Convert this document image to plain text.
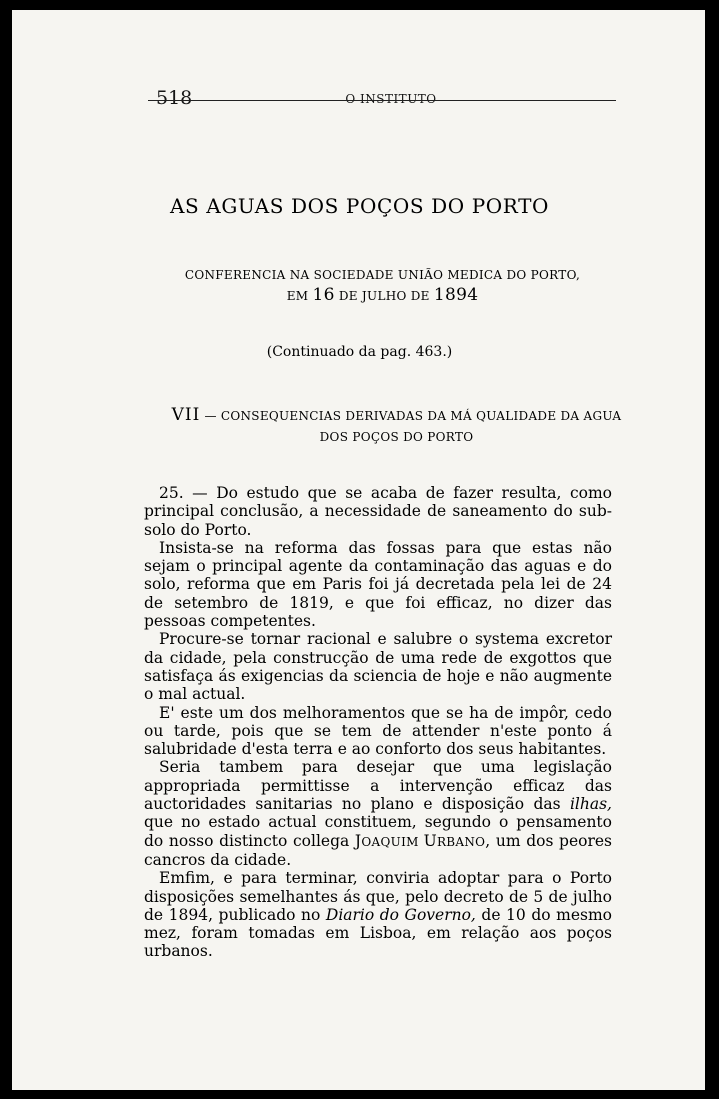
518	O INSTITUTO
AS AGUAS DOS POÇOS DO PORTO
CONFERENCIA NA SOCIEDADE UNIÃO MEDICA DO PORTO,
EM 16 DE JULHO DE 1894
(Continuado da pag. 463.)
VII — CONSEQUENCIAS DERIVADAS DA MÁ QUALIDADE DA AGUA
DOS POÇOS DO PORTO

25. — Do estudo que se acaba de fazer resulta, como principal conclusão, a necessidade de saneamento do sub-solo do Porto.

Insista-se na reforma das fossas para que estas não sejam o principal agente da contaminação das aguas e do solo, reforma que em Paris foi já decretada pela lei de 24 de setembro de 1819, e que foi efficaz, no dizer das pessoas competentes.

Procure-se tornar racional e salubre o systema excretor da cidade, pela construcção de uma rede de exgottos que satisfaça ás exigencias da sciencia de hoje e não augmente o mal actual.

E' este um dos melhoramentos que se ha de impôr, cedo ou tarde, pois que se tem de attender n'este ponto á salubridade d'esta terra e ao conforto dos seus habitantes.

Seria tambem para desejar que uma legislação appropriada permittisse a intervenção efficaz das auctoridades sanitarias no plano e disposição das ilhas, que no estado actual constituem, segundo o pensamento do nosso distincto collega JOAQUIM URBANO, um dos peores cancros da cidade.

Emfim, e para terminar, conviria adoptar para o Porto disposições semelhantes ás que, pelo decreto de 5 de julho de 1894, publicado no Diario do Governo, de 10 do mesmo mez, foram tomadas em Lisboa, em relação aos poços urbanos.
